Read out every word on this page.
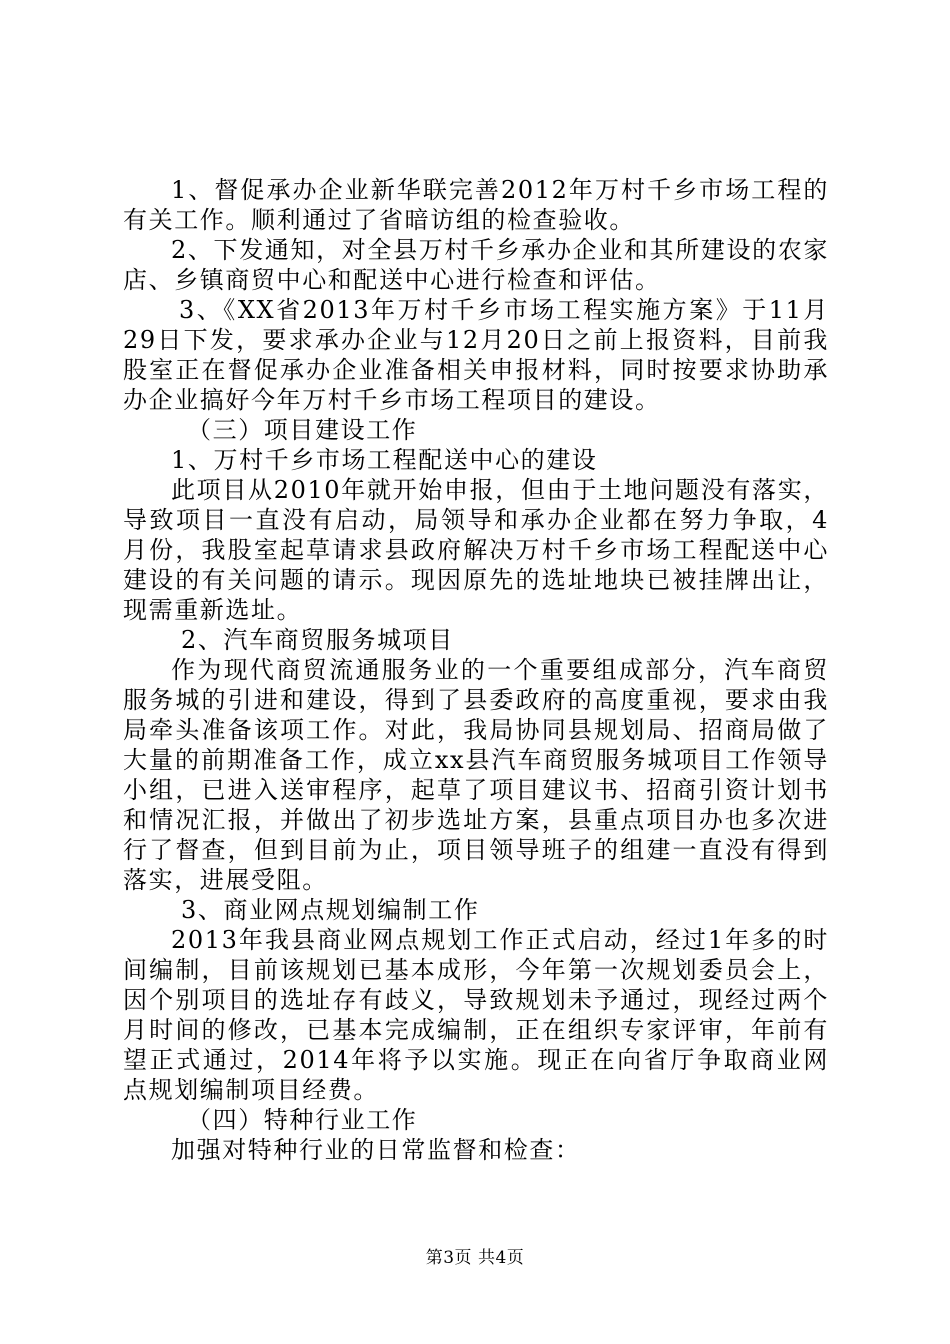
1、督促承办企业新华联完善2012年万村千乡市场工程的有关工作。顺利通过了省暗访组的检查验收。

2、下发通知，对全县万村千乡承办企业和其所建设的农家店、乡镇商贸中心和配送中心进行检查和评估。

3、《XX省2013年万村千乡市场工程实施方案》于11月29日下发，要求承办企业与12月20日之前上报资料，目前我股室正在督促承办企业准备相关申报材料，同时按要求协助承办企业搞好今年万村千乡市场工程项目的建设。

（三）项目建设工作

1、万村千乡市场工程配送中心的建设

此项目从2010年就开始申报，但由于土地问题没有落实，导致项目一直没有启动，局领导和承办企业都在努力争取，4月份，我股室起草请求县政府解决万村千乡市场工程配送中心建设的有关问题的请示。现因原先的选址地块已被挂牌出让，现需重新选址。

2、汽车商贸服务城项目

作为现代商贸流通服务业的一个重要组成部分，汽车商贸服务城的引进和建设，得到了县委政府的高度重视，要求由我局牵头准备该项工作。对此，我局协同县规划局、招商局做了大量的前期准备工作，成立xx县汽车商贸服务城项目工作领导小组，已进入送审程序，起草了项目建议书、招商引资计划书和情况汇报，并做出了初步选址方案，县重点项目办也多次进行了督查，但到目前为止，项目领导班子的组建一直没有得到落实，进展受阻。

3、商业网点规划编制工作

2013年我县商业网点规划工作正式启动，经过1年多的时间编制，目前该规划已基本成形，今年第一次规划委员会上，因个别项目的选址存有歧义，导致规划未予通过，现经过两个月时间的修改，已基本完成编制，正在组织专家评审，年前有望正式通过，2014年将予以实施。现正在向省厅争取商业网点规划编制项目经费。

（四）特种行业工作

加强对特种行业的日常监督和检查：

第3页 共4页
